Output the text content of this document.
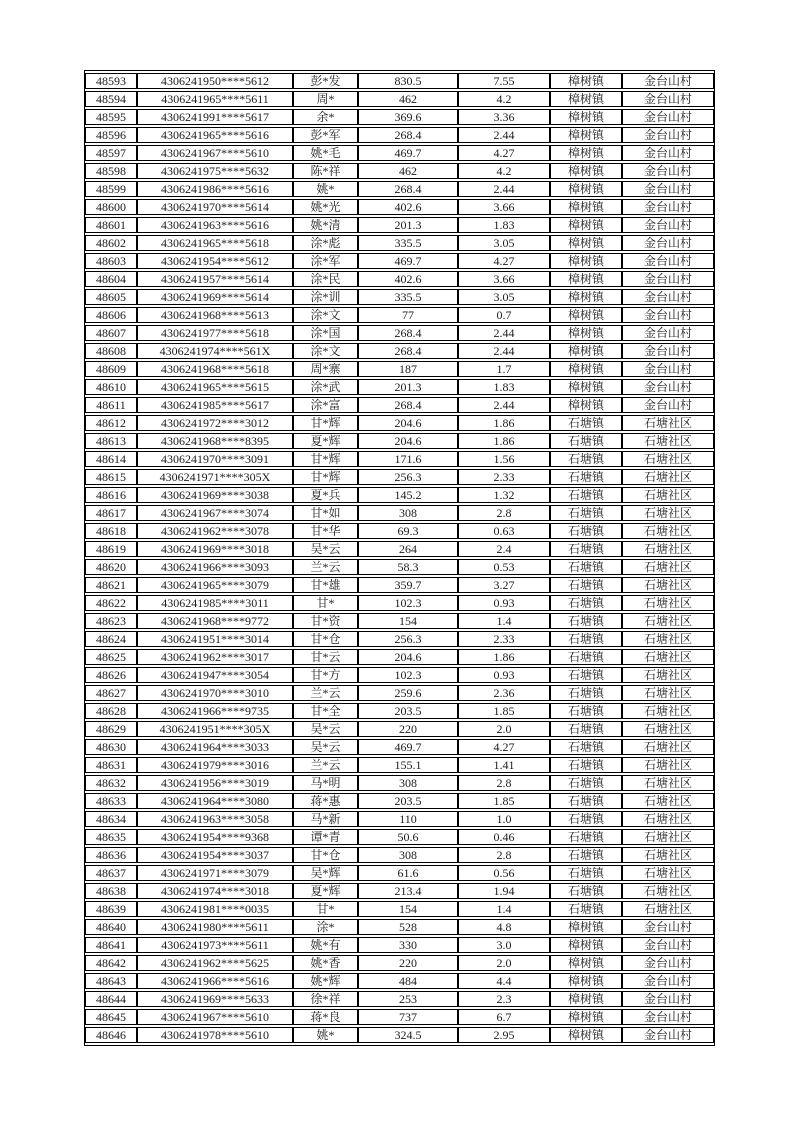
48593	4306241950****5612	彭*发	830.5	7.55	樟树镇	金台山村
48594	4306241965****5611	周*	462	4.2	樟树镇	金台山村
48595	4306241991****5617	余*	369.6	3.36	樟树镇	金台山村
48596	4306241965****5616	彭*军	268.4	2.44	樟树镇	金台山村
48597	4306241967****5610	姚*毛	469.7	4.27	樟树镇	金台山村
48598	4306241975****5632	陈*祥	462	4.2	樟树镇	金台山村
48599	4306241986****5616	姚*	268.4	2.44	樟树镇	金台山村
48600	4306241970****5614	姚*光	402.6	3.66	樟树镇	金台山村
48601	4306241963****5616	姚*清	201.3	1.83	樟树镇	金台山村
48602	4306241965****5618	涂*彪	335.5	3.05	樟树镇	金台山村
48603	4306241954****5612	涂*军	469.7	4.27	樟树镇	金台山村
48604	4306241957****5614	涂*民	402.6	3.66	樟树镇	金台山村
48605	4306241969****5614	涂*训	335.5	3.05	樟树镇	金台山村
48606	4306241968****5613	涂*文	77	0.7	樟树镇	金台山村
48607	4306241977****5618	涂*国	268.4	2.44	樟树镇	金台山村
48608	4306241974****561X	涂*文	268.4	2.44	樟树镇	金台山村
48609	4306241968****5618	周*寨	187	1.7	樟树镇	金台山村
48610	4306241965****5615	涂*武	201.3	1.83	樟树镇	金台山村
48611	4306241985****5617	涂*富	268.4	2.44	樟树镇	金台山村
48612	4306241972****3012	甘*辉	204.6	1.86	石塘镇	石塘社区
48613	4306241968****8395	夏*辉	204.6	1.86	石塘镇	石塘社区
48614	4306241970****3091	甘*辉	171.6	1.56	石塘镇	石塘社区
48615	4306241971****305X	甘*辉	256.3	2.33	石塘镇	石塘社区
48616	4306241969****3038	夏*兵	145.2	1.32	石塘镇	石塘社区
48617	4306241967****3074	甘*如	308	2.8	石塘镇	石塘社区
48618	4306241962****3078	甘*华	69.3	0.63	石塘镇	石塘社区
48619	4306241969****3018	吴*云	264	2.4	石塘镇	石塘社区
48620	4306241966****3093	兰*云	58.3	0.53	石塘镇	石塘社区
48621	4306241965****3079	甘*雄	359.7	3.27	石塘镇	石塘社区
48622	4306241985****3011	甘*	102.3	0.93	石塘镇	石塘社区
48623	4306241968****9772	甘*资	154	1.4	石塘镇	石塘社区
48624	4306241951****3014	甘*仓	256.3	2.33	石塘镇	石塘社区
48625	4306241962****3017	甘*云	204.6	1.86	石塘镇	石塘社区
48626	4306241947****3054	甘*方	102.3	0.93	石塘镇	石塘社区
48627	4306241970****3010	兰*云	259.6	2.36	石塘镇	石塘社区
48628	4306241966****9735	甘*全	203.5	1.85	石塘镇	石塘社区
48629	4306241951****305X	吴*云	220	2.0	石塘镇	石塘社区
48630	4306241964****3033	吴*云	469.7	4.27	石塘镇	石塘社区
48631	4306241979****3016	兰*云	155.1	1.41	石塘镇	石塘社区
48632	4306241956****3019	马*明	308	2.8	石塘镇	石塘社区
48633	4306241964****3080	蒋*惠	203.5	1.85	石塘镇	石塘社区
48634	4306241963****3058	马*新	110	1.0	石塘镇	石塘社区
48635	4306241954****9368	谭*青	50.6	0.46	石塘镇	石塘社区
48636	4306241954****3037	甘*仓	308	2.8	石塘镇	石塘社区
48637	4306241971****3079	吴*辉	61.6	0.56	石塘镇	石塘社区
48638	4306241974****3018	夏*辉	213.4	1.94	石塘镇	石塘社区
48639	4306241981****0035	甘*	154	1.4	石塘镇	石塘社区
48640	4306241980****5611	涂*	528	4.8	樟树镇	金台山村
48641	4306241973****5611	姚*有	330	3.0	樟树镇	金台山村
48642	4306241962****5625	姚*香	220	2.0	樟树镇	金台山村
48643	4306241966****5616	姚*辉	484	4.4	樟树镇	金台山村
48644	4306241969****5633	徐*祥	253	2.3	樟树镇	金台山村
48645	4306241967****5610	蒋*良	737	6.7	樟树镇	金台山村
48646	4306241978****5610	姚*	324.5	2.95	樟树镇	金台山村
